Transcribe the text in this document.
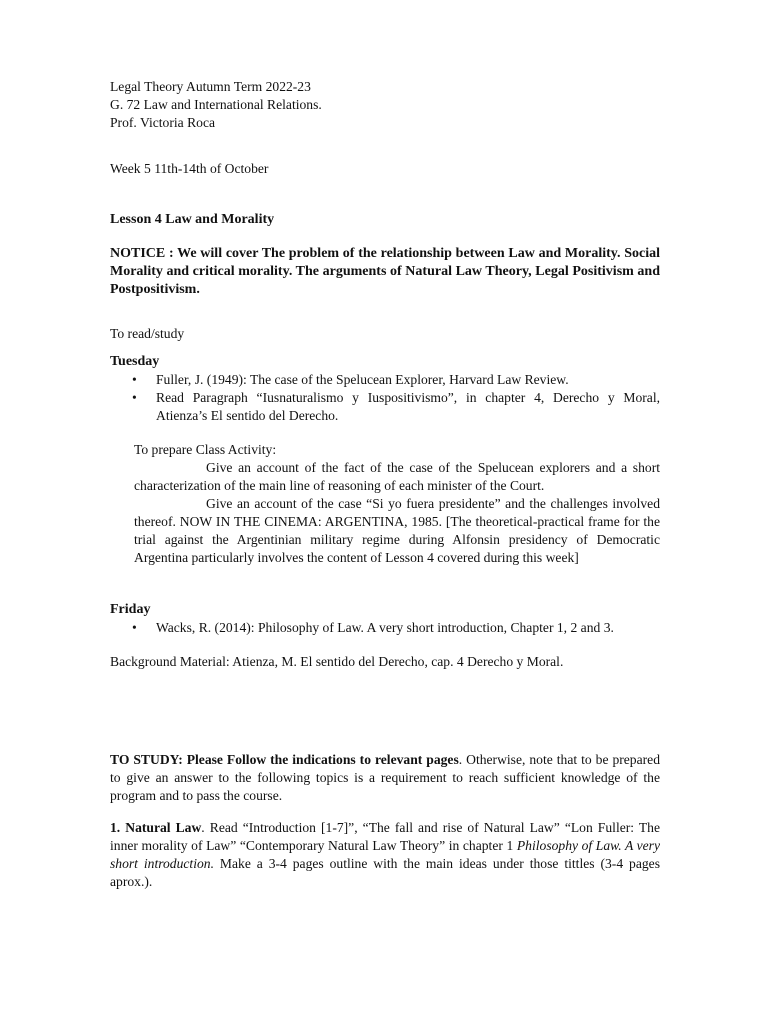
Legal Theory Autumn Term 2022-23

G. 72 Law and International Relations.

Prof. Victoria Roca

Week 5 11th-14th of October

Lesson 4 Law and Morality

NOTICE : We will cover The problem of the relationship between Law and Morality. Social Morality and critical morality. The arguments of Natural Law Theory, Legal Positivism and Postpositivism.

To read/study

Tuesday

• Fuller, J. (1949): The case of the Spelucean Explorer, Harvard Law Review.
• Read Paragraph “Iusnaturalismo y Iuspositivismo”, in chapter 4, Derecho y Moral, Atienza’s El sentido del Derecho.

To prepare Class Activity:

Give an account of the fact of the case of the Spelucean explorers and a short characterization of the main line of reasoning of each minister of the Court.

Give an account of the case “Si yo fuera presidente” and the challenges involved thereof. NOW IN THE CINEMA: ARGENTINA, 1985. [The theoretical-practical frame for the trial against the Argentinian military regime during Alfonsin presidency of Democratic Argentina particularly involves the content of Lesson 4 covered during this week]

Friday

• Wacks, R. (2014): Philosophy of Law. A very short introduction, Chapter 1, 2 and 3.

Background Material: Atienza, M. El sentido del Derecho, cap. 4 Derecho y Moral.

TO STUDY: Please Follow the indications to relevant pages. Otherwise, note that to be prepared to give an answer to the following topics is a requirement to reach sufficient knowledge of the program and to pass the course.

1. Natural Law. Read “Introduction [1-7]”, “The fall and rise of Natural Law” “Lon Fuller: The inner morality of Law” “Contemporary Natural Law Theory” in chapter 1 Philosophy of Law. A very short introduction. Make a 3-4 pages outline with the main ideas under those tittles (3-4 pages aprox.).
